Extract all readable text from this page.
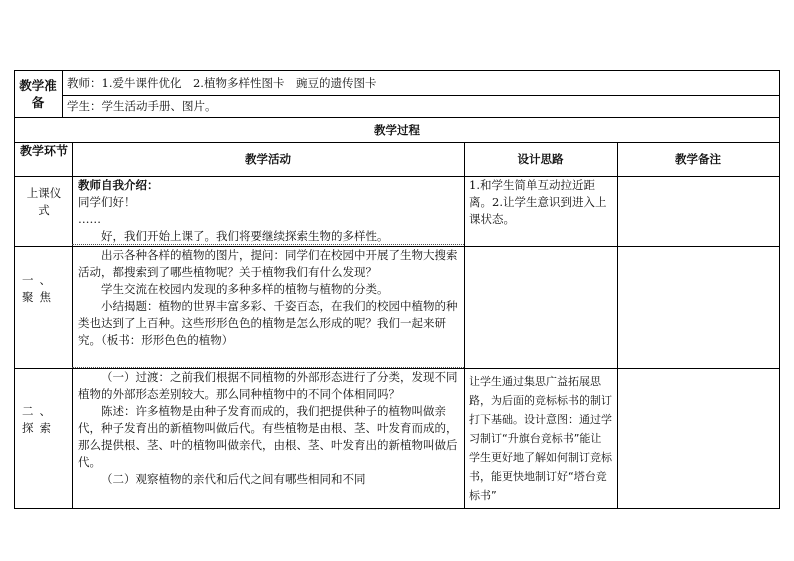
教学准备
教师：1.爱牛课件优化　2.植物多样性图卡　豌豆的遗传图卡
学生：学生活动手册、图片。
教学过程
教学环节
教学活动	设计思路	教学备注
上课仪式

教师自我介绍：

同学们好！

……

好，我们开始上课了。我们将要继续探索生物的多样性。

1.和学生简单互动拉近距离。2.让学生意识到进入上课状态。
一、聚焦

出示各种各样的植物的图片，提问：同学们在校园中开展了生物大搜索活动，都搜索到了哪些植物呢？关于植物我们有什么发现？

学生交流在校园内发现的多种多样的植物与植物的分类。

小结揭题：植物的世界丰富多彩、千姿百态，在我们的校园中植物的种类也达到了上百种。这些形形色色的植物是怎么形成的呢？我们一起来研究。（板书：形形色色的植物）

二、探索

（一）过渡：之前我们根据不同植物的外部形态进行了分类，发现不同植物的外部形态差别较大。那么同种植物中的不同个体相同吗？

陈述：许多植物是由种子发育而成的，我们把提供种子的植物叫做亲代，种子发育出的新植物叫做后代。有些植物是由根、茎、叶发育而成的，那么提供根、茎、叶的植物叫做亲代，由根、茎、叶发育出的新植物叫做后代。

（二）观察植物的亲代和后代之间有哪些相同和不同

让学生通过集思广益拓展思路，为后面的竞标标书的制订打下基础。设计意图：通过学习制订“升旗台竞标书”能让学生更好地了解如何制订竞标书，能更快地制订好“塔台竞标书”
